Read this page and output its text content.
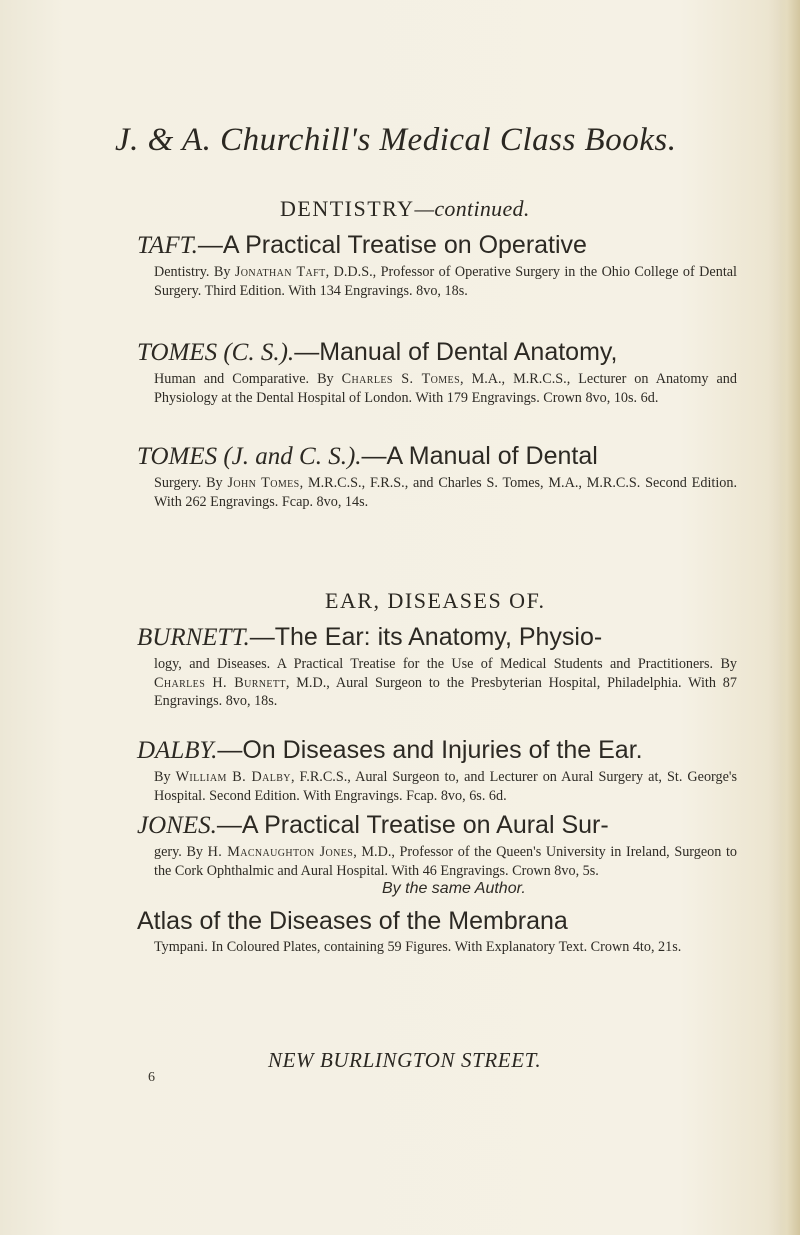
J. & A. Churchill's Medical Class Books.
DENTISTRY—continued.

TAFT.—A Practical Treatise on Operative

Dentistry. By Jonathan Taft, D.D.S., Professor of Operative Surgery in the Ohio College of Dental Surgery. Third Edition. With 134 Engravings. 8vo, 18s.

TOMES (C. S.).—Manual of Dental Anatomy,

Human and Comparative. By Charles S. Tomes, M.A., M.R.C.S., Lecturer on Anatomy and Physiology at the Dental Hospital of London. With 179 Engravings. Crown 8vo, 10s. 6d.

TOMES (J. and C. S.).—A Manual of Dental

Surgery. By John Tomes, M.R.C.S., F.R.S., and Charles S. Tomes, M.A., M.R.C.S. Second Edition. With 262 Engravings. Fcap. 8vo, 14s.
EAR, DISEASES OF.

BURNETT.—The Ear: its Anatomy, Physio-

logy, and Diseases. A Practical Treatise for the Use of Medical Students and Practitioners. By Charles H. Burnett, M.D., Aural Surgeon to the Presbyterian Hospital, Philadelphia. With 87 Engravings. 8vo, 18s.

DALBY.—On Diseases and Injuries of the Ear.

By William B. Dalby, F.R.C.S., Aural Surgeon to, and Lecturer on Aural Surgery at, St. George's Hospital. Second Edition. With Engravings. Fcap. 8vo, 6s. 6d.

JONES.—A Practical Treatise on Aural Sur-

gery. By H. Macnaughton Jones, M.D., Professor of the Queen's University in Ireland, Surgeon to the Cork Ophthalmic and Aural Hospital. With 46 Engravings. Crown 8vo, 5s.
By the same Author.

Atlas of the Diseases of the Membrana

Tympani. In Coloured Plates, containing 59 Figures. With Explanatory Text. Crown 4to, 21s.
NEW BURLINGTON STREET.
6
